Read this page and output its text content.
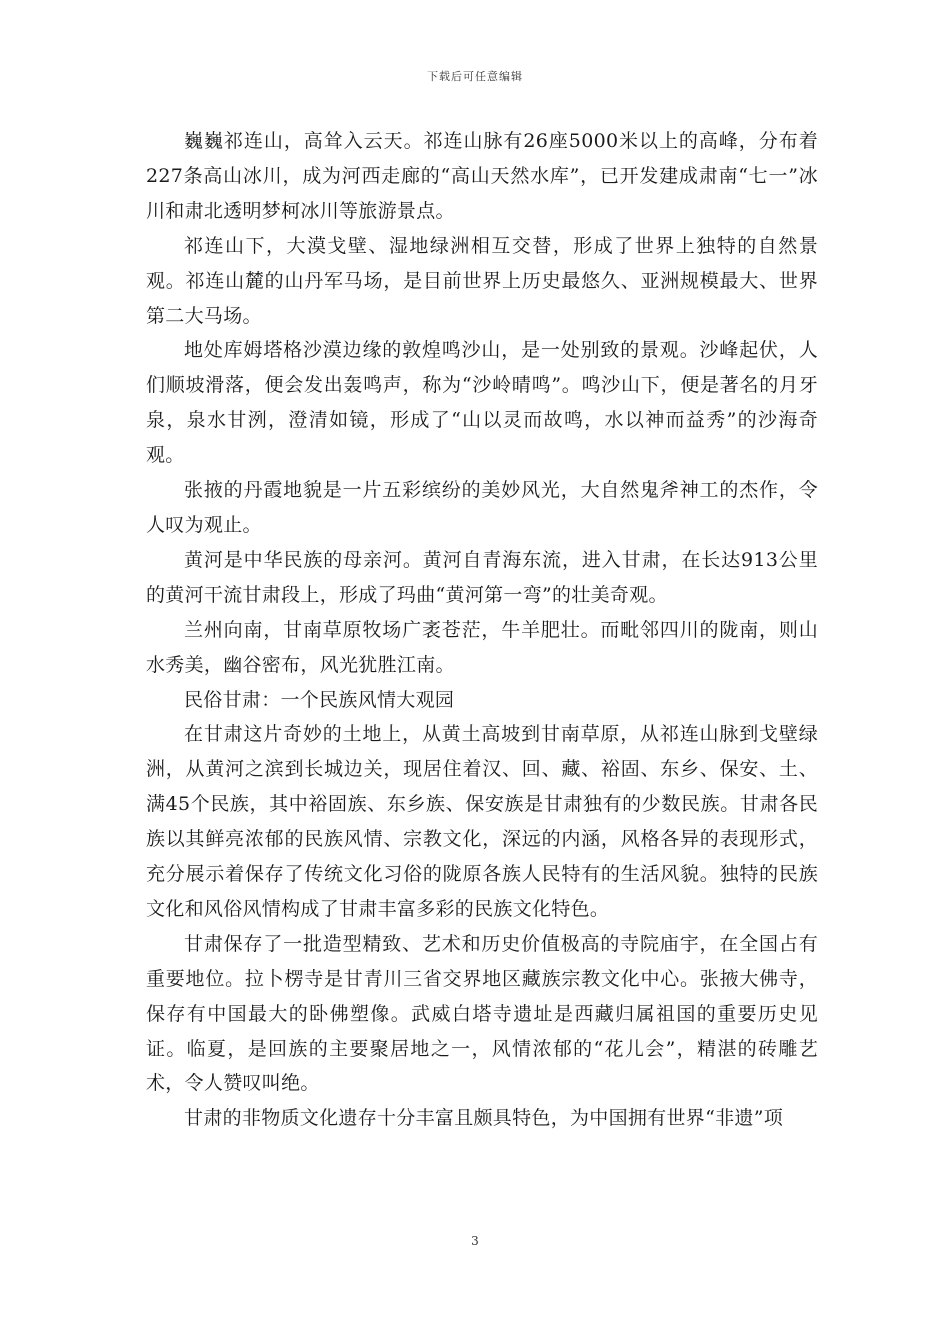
下载后可任意编辑

巍巍祁连山，高耸入云天。祁连山脉有26座5000米以上的高峰，分布着227条高山冰川，成为河西走廊的“高山天然水库”，已开发建成肃南“七一”冰川和肃北透明梦柯冰川等旅游景点。

祁连山下，大漠戈壁、湿地绿洲相互交替，形成了世界上独特的自然景观。祁连山麓的山丹军马场，是目前世界上历史最悠久、亚洲规模最大、世界第二大马场。

地处库姆塔格沙漠边缘的敦煌鸣沙山，是一处别致的景观。沙峰起伏，人们顺坡滑落，便会发出轰鸣声，称为“沙岭晴鸣”。鸣沙山下，便是著名的月牙泉，泉水甘洌，澄清如镜，形成了“山以灵而故鸣，水以神而益秀”的沙海奇观。

张掖的丹霞地貌是一片五彩缤纷的美妙风光，大自然鬼斧神工的杰作，令人叹为观止。

黄河是中华民族的母亲河。黄河自青海东流，进入甘肃，在长达913公里的黄河干流甘肃段上，形成了玛曲“黄河第一弯”的壮美奇观。

兰州向南，甘南草原牧场广袤苍茫，牛羊肥壮。而毗邻四川的陇南，则山水秀美，幽谷密布，风光犹胜江南。

民俗甘肃：一个民族风情大观园

在甘肃这片奇妙的土地上，从黄土高坡到甘南草原，从祁连山脉到戈壁绿洲，从黄河之滨到长城边关，现居住着汉、回、藏、裕固、东乡、保安、土、满45个民族，其中裕固族、东乡族、保安族是甘肃独有的少数民族。甘肃各民族以其鲜亮浓郁的民族风情、宗教文化，深远的内涵，风格各异的表现形式，充分展示着保存了传统文化习俗的陇原各族人民特有的生活风貌。独特的民族文化和风俗风情构成了甘肃丰富多彩的民族文化特色。

甘肃保存了一批造型精致、艺术和历史价值极高的寺院庙宇，在全国占有重要地位。拉卜楞寺是甘青川三省交界地区藏族宗教文化中心。张掖大佛寺，保存有中国最大的卧佛塑像。武威白塔寺遗址是西藏归属祖国的重要历史见证。临夏，是回族的主要聚居地之一，风情浓郁的“花儿会”，精湛的砖雕艺术，令人赞叹叫绝。

甘肃的非物质文化遗存十分丰富且颇具特色，为中国拥有世界“非遗”项

3
